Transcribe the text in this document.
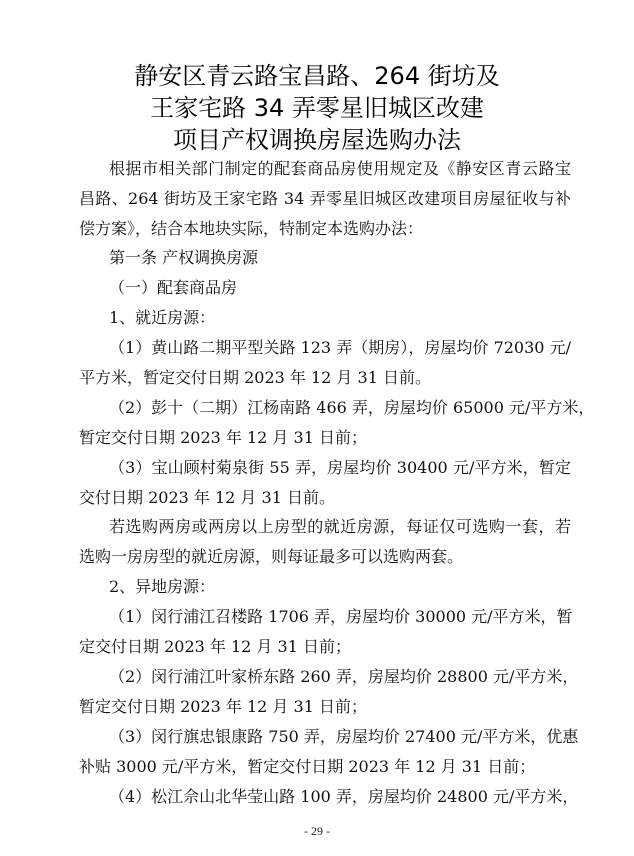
静安区青云路宝昌路、264 街坊及
王家宅路 34 弄零星旧城区改建
项目产权调换房屋选购办法
根据市相关部门制定的配套商品房使用规定及《静安区青云路宝
昌路、264 街坊及王家宅路 34 弄零星旧城区改建项目房屋征收与补
偿方案》，结合本地块实际，特制定本选购办法：
第一条 产权调换房源
（一）配套商品房
1、就近房源：
（1）黄山路二期平型关路 123 弄（期房），房屋均价 72030 元/
平方米，暂定交付日期 2023 年 12 月 31 日前。
（2）彭十（二期）江杨南路 466 弄，房屋均价 65000 元/平方米，
暂定交付日期 2023 年 12 月 31 日前；
（3）宝山顾村菊泉街 55 弄，房屋均价 30400 元/平方米，暂定
交付日期 2023 年 12 月 31 日前。
若选购两房或两房以上房型的就近房源，每证仅可选购一套，若
选购一房房型的就近房源，则每证最多可以选购两套。
2、异地房源：
（1）闵行浦江召楼路 1706 弄，房屋均价 30000 元/平方米，暂
定交付日期 2023 年 12 月 31 日前；
（2）闵行浦江叶家桥东路 260 弄，房屋均价 28800 元/平方米，
暂定交付日期 2023 年 12 月 31 日前；
（3）闵行旗忠银康路 750 弄，房屋均价 27400 元/平方米，优惠
补贴 3000 元/平方米，暂定交付日期 2023 年 12 月 31 日前；
（4）松江佘山北华莹山路 100 弄，房屋均价 24800 元/平方米，
- 29 -
